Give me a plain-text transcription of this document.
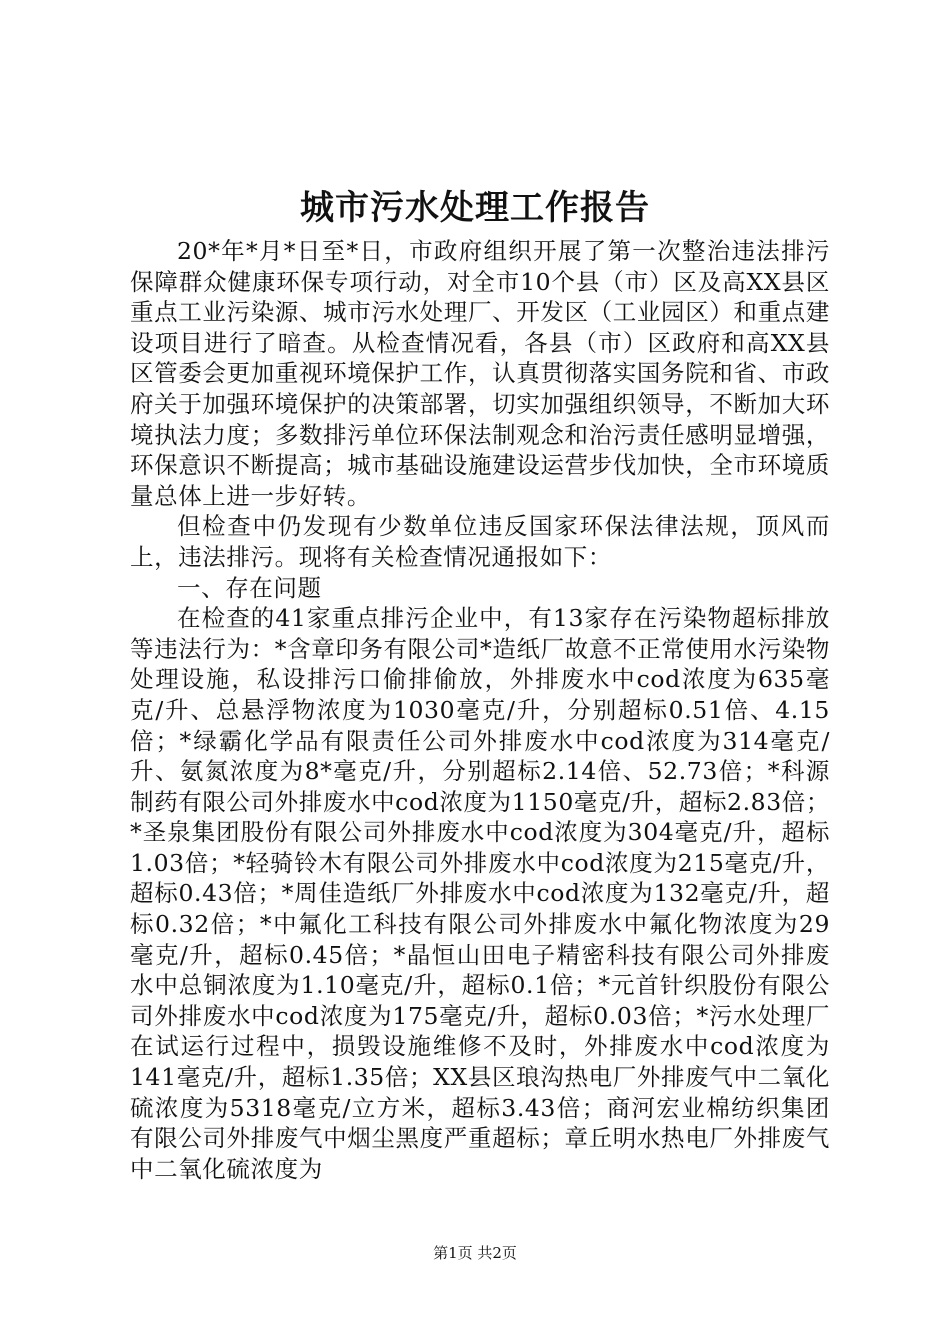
城市污水处理工作报告

20*年*月*日至*日，市政府组织开展了第一次整治违法排污保障群众健康环保专项行动，对全市10个县（市）区及高XX县区重点工业污染源、城市污水处理厂、开发区（工业园区）和重点建设项目进行了暗查。从检查情况看，各县（市）区政府和高XX县区管委会更加重视环境保护工作，认真贯彻落实国务院和省、市政府关于加强环境保护的决策部署，切实加强组织领导，不断加大环境执法力度；多数排污单位环保法制观念和治污责任感明显增强，环保意识不断提高；城市基础设施建设运营步伐加快，全市环境质量总体上进一步好转。

但检查中仍发现有少数单位违反国家环保法律法规，顶风而上，违法排污。现将有关检查情况通报如下：

一、存在问题

在检查的41家重点排污企业中，有13家存在污染物超标排放等违法行为：*含章印务有限公司*造纸厂故意不正常使用水污染物处理设施，私设排污口偷排偷放，外排废水中cod浓度为635毫克/升、总悬浮物浓度为1030毫克/升，分别超标0.51倍、4.15倍；*绿霸化学品有限责任公司外排废水中cod浓度为314毫克/升、氨氮浓度为8*毫克/升，分别超标2.14倍、52.73倍；*科源制药有限公司外排废水中cod浓度为1150毫克/升，超标2.83倍；*圣泉集团股份有限公司外排废水中cod浓度为304毫克/升，超标1.03倍；*轻骑铃木有限公司外排废水中cod浓度为215毫克/升，超标0.43倍；*周佳造纸厂外排废水中cod浓度为132毫克/升，超标0.32倍；*中氟化工科技有限公司外排废水中氟化物浓度为29毫克/升，超标0.45倍；*晶恒山田电子精密科技有限公司外排废水中总铜浓度为1.10毫克/升，超标0.1倍；*元首针织股份有限公司外排废水中cod浓度为175毫克/升，超标0.03倍；*污水处理厂在试运行过程中，损毁设施维修不及时，外排废水中cod浓度为141毫克/升，超标1.35倍；XX县区琅沟热电厂外排废气中二氧化硫浓度为5318毫克/立方米，超标3.43倍；商河宏业棉纺织集团有限公司外排废气中烟尘黑度严重超标；章丘明水热电厂外排废气中二氧化硫浓度为

第1页 共2页
